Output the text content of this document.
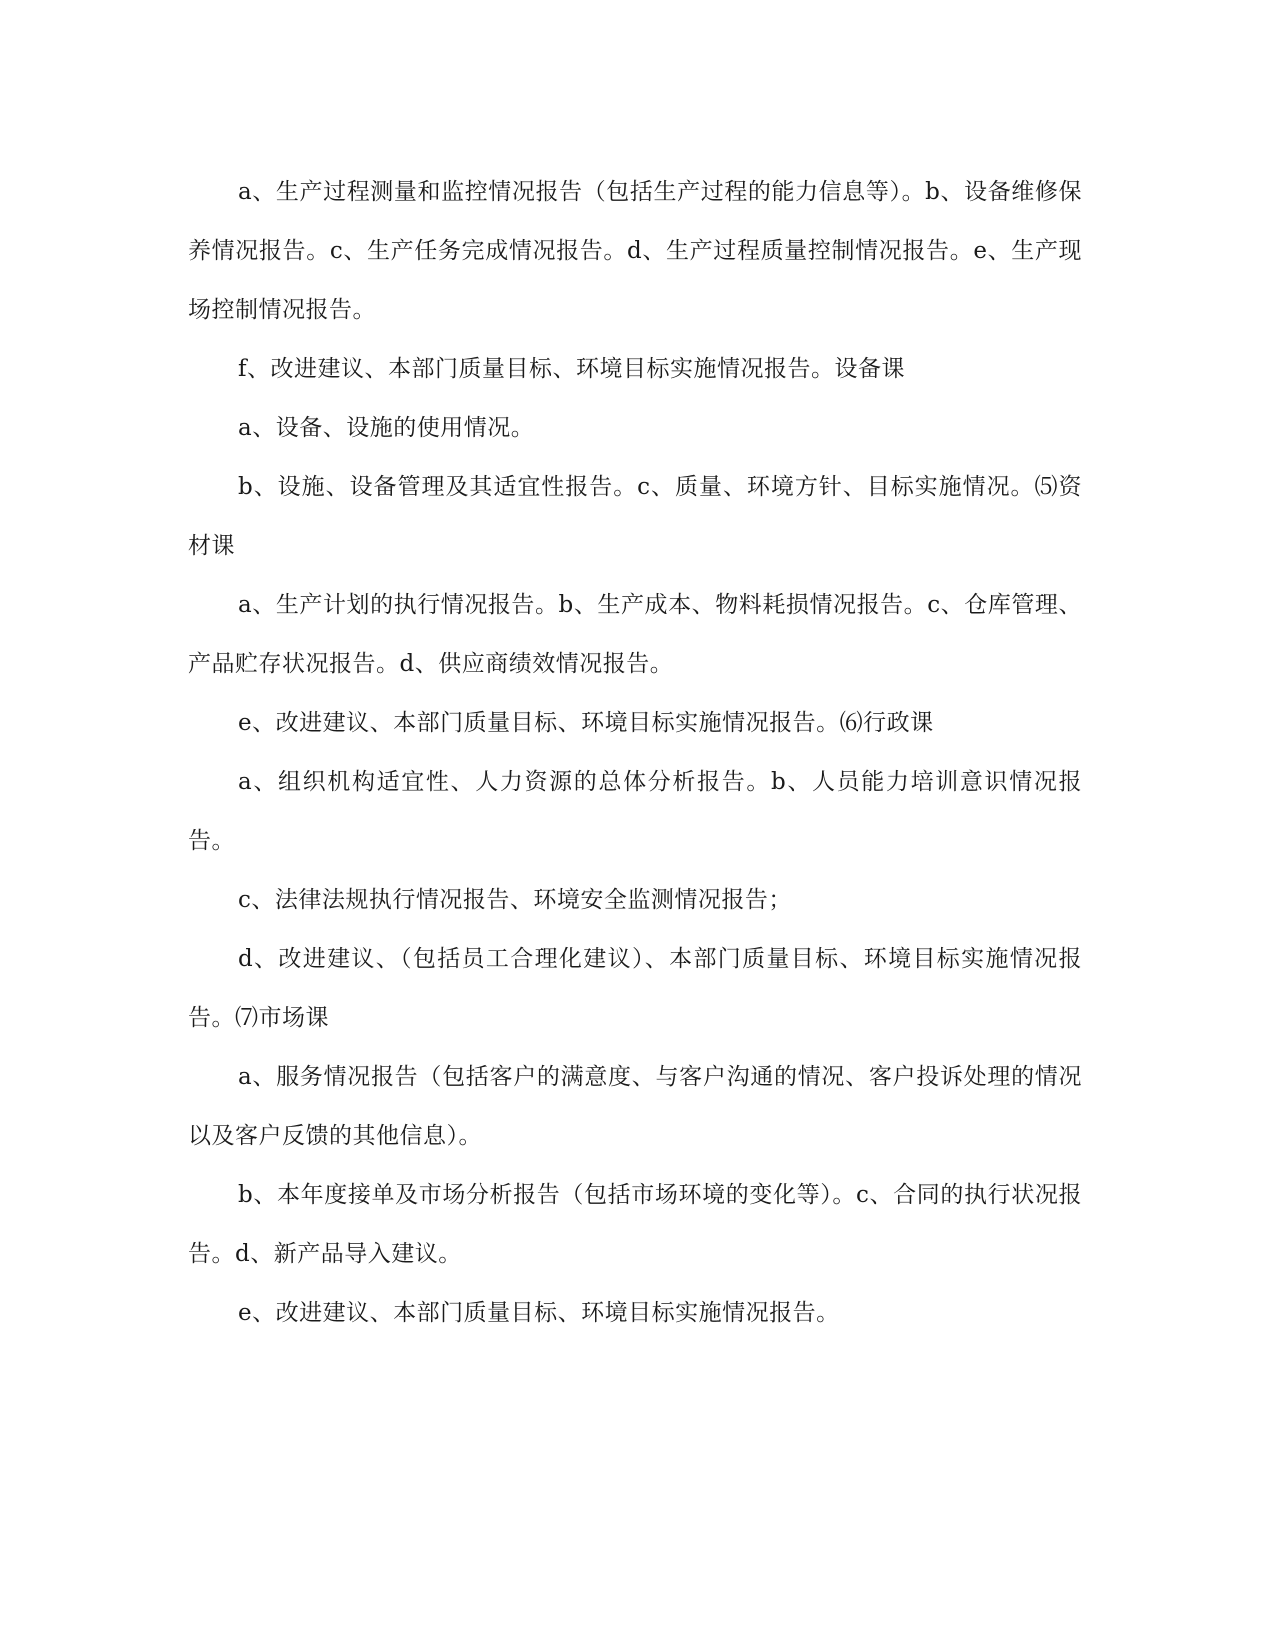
a、生产过程测量和监控情况报告（包括生产过程的能力信息等）。b、设备维修保养情况报告。c、生产任务完成情况报告。d、生产过程质量控制情况报告。e、生产现场控制情况报告。

f、改进建议、本部门质量目标、环境目标实施情况报告。设备课

a、设备、设施的使用情况。

b、设施、设备管理及其适宜性报告。c、质量、环境方针、目标实施情况。⑸资材课

a、生产计划的执行情况报告。b、生产成本、物料耗损情况报告。c、仓库管理、产品贮存状况报告。d、供应商绩效情况报告。

e、改进建议、本部门质量目标、环境目标实施情况报告。⑹行政课

a、组织机构适宜性、人力资源的总体分析报告。b、人员能力培训意识情况报告。

c、法律法规执行情况报告、环境安全监测情况报告；

d、改进建议、（包括员工合理化建议）、本部门质量目标、环境目标实施情况报告。⑺市场课

a、服务情况报告（包括客户的满意度、与客户沟通的情况、客户投诉处理的情况以及客户反馈的其他信息）。

b、本年度接单及市场分析报告（包括市场环境的变化等）。c、合同的执行状况报告。d、新产品导入建议。

e、改进建议、本部门质量目标、环境目标实施情况报告。
